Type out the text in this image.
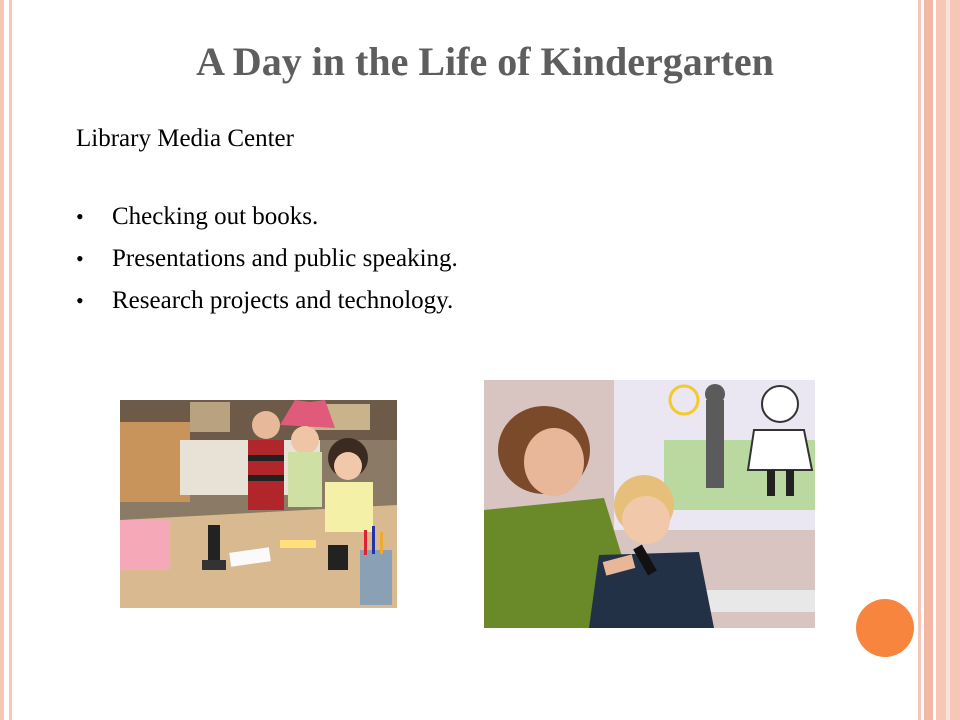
A Day in the Life of Kindergarten
Library Media Center
• Checking out books.
• Presentations and public speaking.
• Research projects and technology.
